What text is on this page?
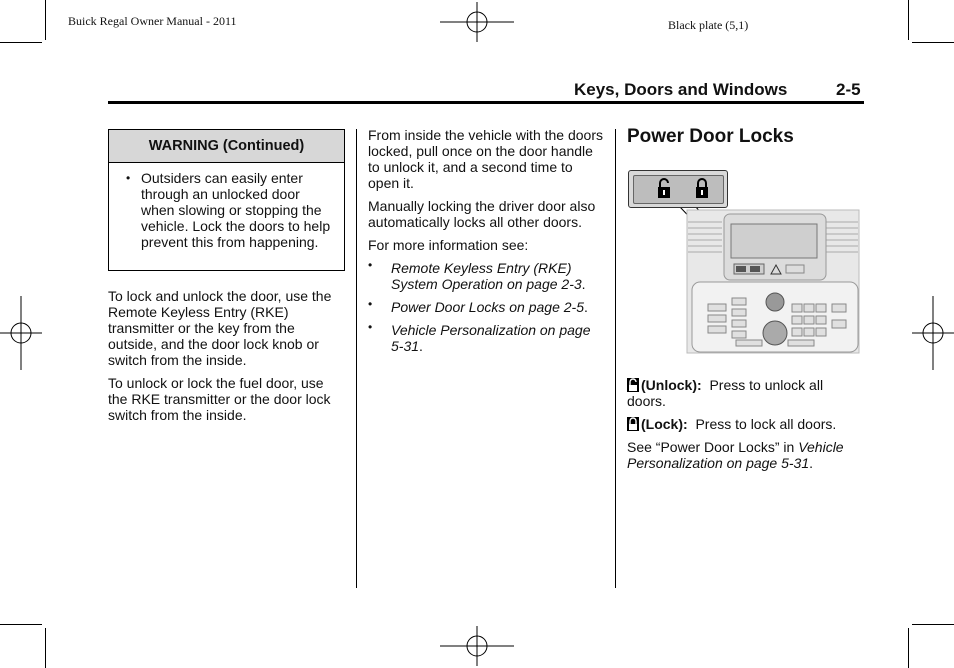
Buick Regal Owner Manual - 2011	Black plate (5,1)
Keys, Doors and Windows	2-5
WARNING (Continued)
• Outsiders can easily enter through an unlocked door when slowing or stopping the vehicle. Lock the doors to help prevent this from happening.

To lock and unlock the door, use the Remote Keyless Entry (RKE) transmitter or the key from the outside, and the door lock knob or switch from the inside.

To unlock or lock the fuel door, use the RKE transmitter or the door lock switch from the inside.

From inside the vehicle with the doors locked, pull once on the door handle to unlock it, and a second time to open it.

Manually locking the driver door also automatically locks all other doors.

For more information see:

• Remote Keyless Entry (RKE) System Operation on page 2-3.
• Power Door Locks on page 2-5.
• Vehicle Personalization on page 5-31.
Power Door Locks

(Unlock): Press to unlock all doors.

(Lock): Press to lock all doors.

See “Power Door Locks” in Vehicle Personalization on page 5-31.
